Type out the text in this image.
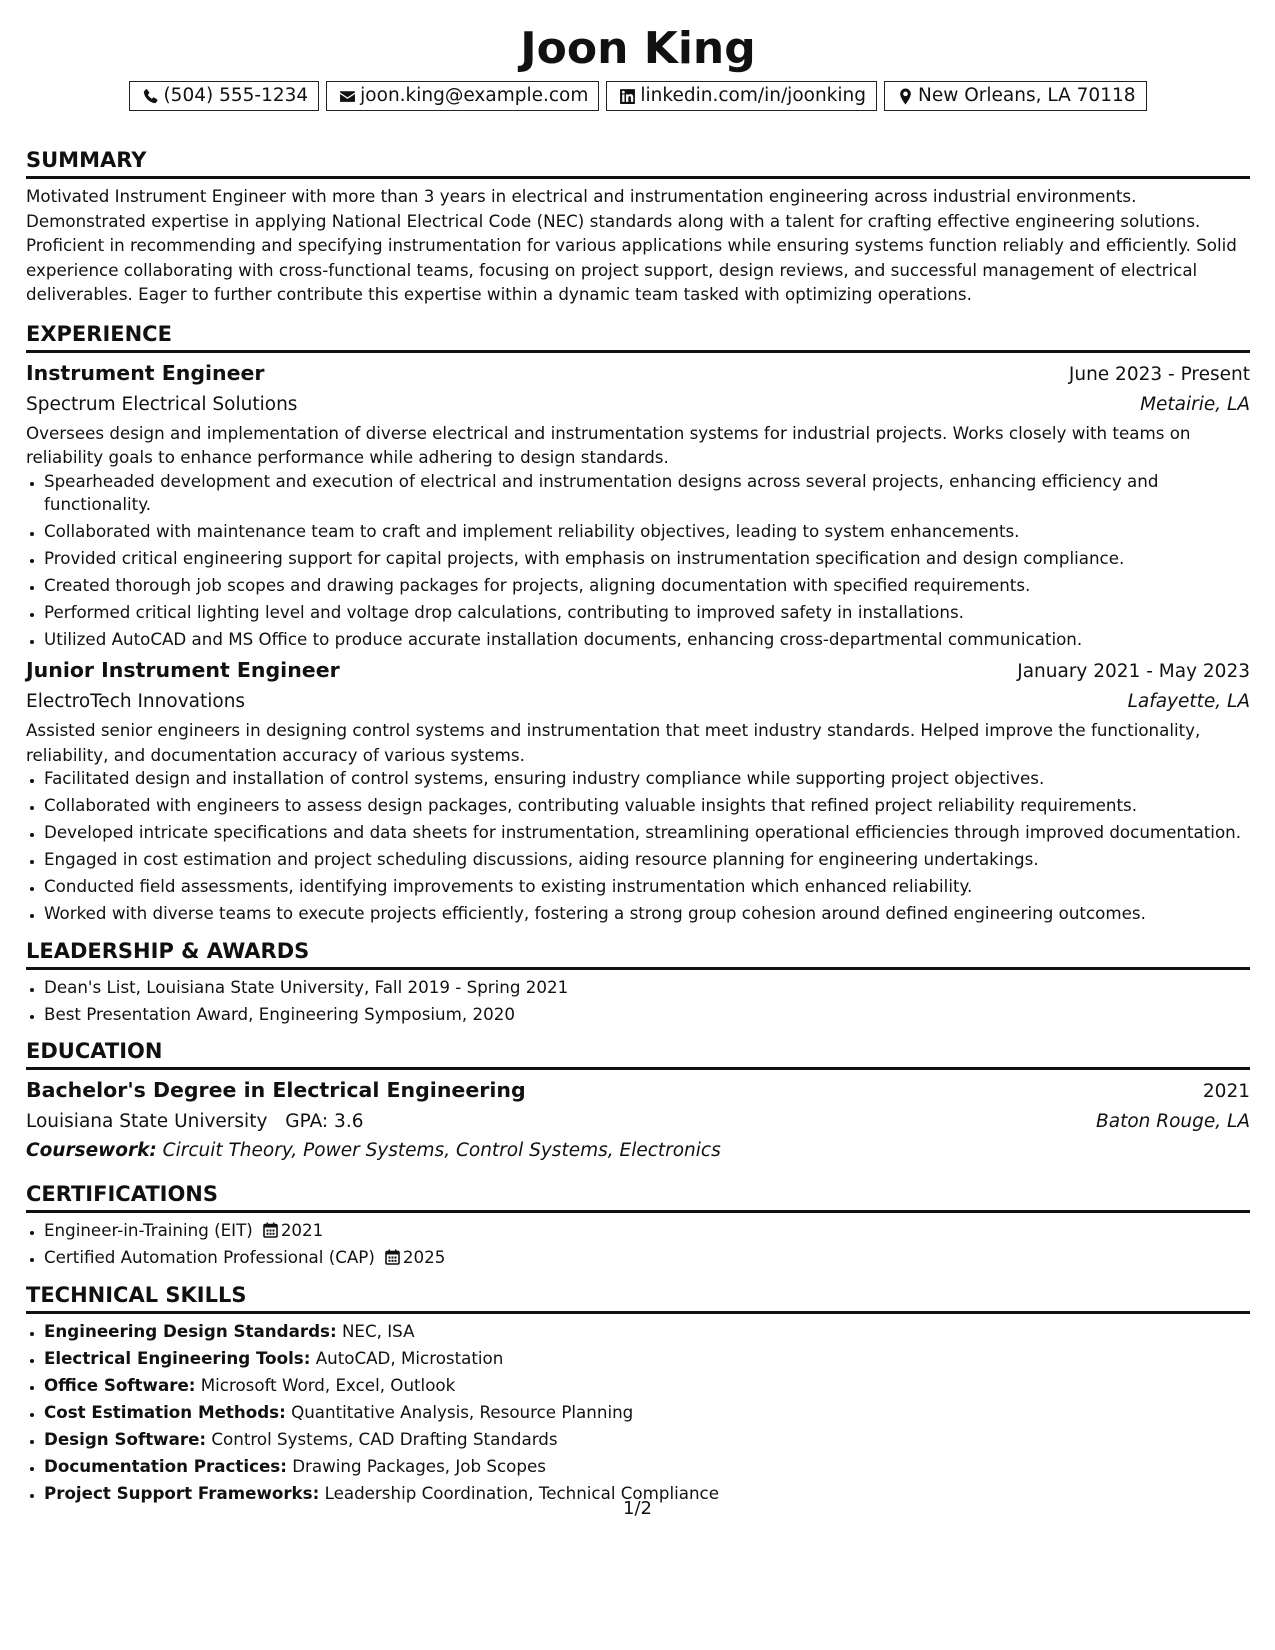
Joon King
(504) 555-1234	joon.king@example.com	linkedin.com/in/joonking	New Orleans, LA 70118
SUMMARY

Motivated Instrument Engineer with more than 3 years in electrical and instrumentation engineering across industrial environments. Demonstrated expertise in applying National Electrical Code (NEC) standards along with a talent for crafting effective engineering solutions. Proficient in recommending and specifying instrumentation for various applications while ensuring systems function reliably and efficiently. Solid experience collaborating with cross-functional teams, focusing on project support, design reviews, and successful management of electrical deliverables. Eager to further contribute this expertise within a dynamic team tasked with optimizing operations.

EXPERIENCE
Instrument Engineer	June 2023 - Present
Spectrum Electrical Solutions	Metairie, LA

Oversees design and implementation of diverse electrical and instrumentation systems for industrial projects. Works closely with teams on reliability goals to enhance performance while adhering to design standards.

• Spearheaded development and execution of electrical and instrumentation designs across several projects, enhancing efficiency and functionality.
• Collaborated with maintenance team to craft and implement reliability objectives, leading to system enhancements.
• Provided critical engineering support for capital projects, with emphasis on instrumentation specification and design compliance.
• Created thorough job scopes and drawing packages for projects, aligning documentation with specified requirements.
• Performed critical lighting level and voltage drop calculations, contributing to improved safety in installations.
• Utilized AutoCAD and MS Office to produce accurate installation documents, enhancing cross-departmental communication.
Junior Instrument Engineer	January 2021 - May 2023
ElectroTech Innovations	Lafayette, LA

Assisted senior engineers in designing control systems and instrumentation that meet industry standards. Helped improve the functionality, reliability, and documentation accuracy of various systems.

• Facilitated design and installation of control systems, ensuring industry compliance while supporting project objectives.
• Collaborated with engineers to assess design packages, contributing valuable insights that refined project reliability requirements.
• Developed intricate specifications and data sheets for instrumentation, streamlining operational efficiencies through improved documentation.
• Engaged in cost estimation and project scheduling discussions, aiding resource planning for engineering undertakings.
• Conducted field assessments, identifying improvements to existing instrumentation which enhanced reliability.
• Worked with diverse teams to execute projects efficiently, fostering a strong group cohesion around defined engineering outcomes.
LEADERSHIP & AWARDS
• Dean's List, Louisiana State University, Fall 2019 - Spring 2021
• Best Presentation Award, Engineering Symposium, 2020
EDUCATION
Bachelor's Degree in Electrical Engineering	2021
Louisiana State University GPA: 3.6	Baton Rouge, LA
Coursework: Circuit Theory, Power Systems, Control Systems, Electronics
CERTIFICATIONS
• Engineer-in-Training (EIT) 2021
• Certified Automation Professional (CAP) 2025
TECHNICAL SKILLS
• Engineering Design Standards: NEC, ISA
• Electrical Engineering Tools: AutoCAD, Microstation
• Office Software: Microsoft Word, Excel, Outlook
• Cost Estimation Methods: Quantitative Analysis, Resource Planning
• Design Software: Control Systems, CAD Drafting Standards
• Documentation Practices: Drawing Packages, Job Scopes
• Project Support Frameworks: Leadership Coordination, Technical Compliance
1/2
